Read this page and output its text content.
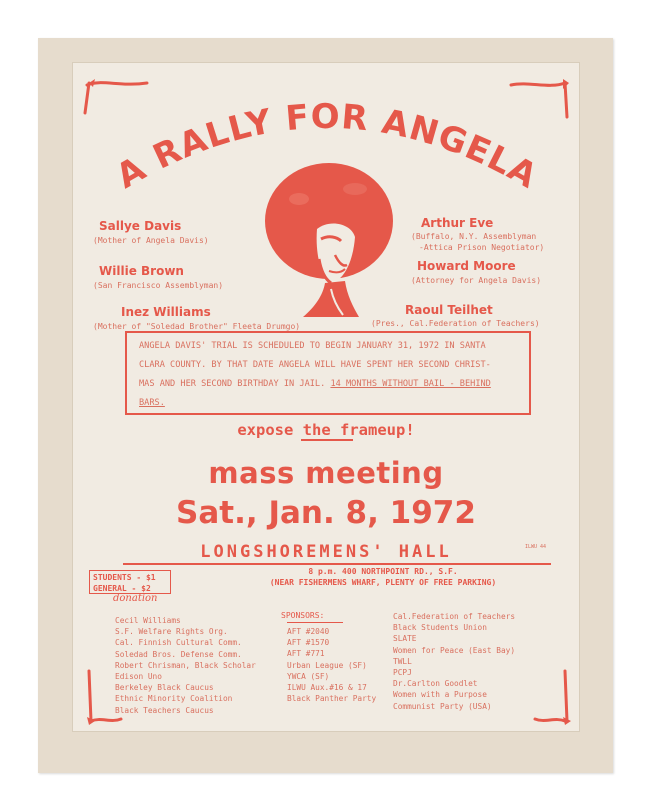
A RALLY FOR ANGELA
Sallye Davis
(Mother of Angela Davis)
Willie Brown
(San Francisco Assemblyman)
Inez Williams
(Mother of "Soledad Brother" Fleeta Drumgo)
Arthur Eve
(Buffalo, N.Y. Assemblyman
-Attica Prison Negotiator)
Howard Moore
(Attorney for Angela Davis)
Raoul Teilhet
(Pres., Cal.Federation of Teachers)
ANGELA DAVIS' TRIAL IS SCHEDULED TO BEGIN JANUARY 31, 1972 IN SANTA
CLARA COUNTY. BY THAT DATE ANGELA WILL HAVE SPENT HER SECOND CHRIST-
MAS AND HER SECOND BIRTHDAY IN JAIL. 14 MONTHS WITHOUT BAIL - BEHIND
BARS.
expose the frameup!
mass meeting
Sat., Jan. 8, 1972
LONGSHOREMENS' HALL	ILWU 44
8 p.m. 400 NORTHPOINT RD., S.F.
(NEAR FISHERMENS WHARF, PLENTY OF FREE PARKING)
STUDENTS - $1
GENERAL - $2
donation
SPONSORS:
Cecil Williams
S.F. Welfare Rights Org.
Cal. Finnish Cultural Comm.
Soledad Bros. Defense Comm.
Robert Chrisman, Black Scholar
Edison Uno
Berkeley Black Caucus
Ethnic Minority Coalition
Black Teachers Caucus
AFT #2040
AFT #1570
AFT #771
Urban League (SF)
YWCA (SF)
ILWU Aux.#16 & 17
Black Panther Party
Cal.Federation of Teachers
Black Students Union
SLATE
Women for Peace (East Bay)
TWLL
PCPJ
Dr.Carlton Goodlet
Women with a Purpose
Communist Party (USA)
